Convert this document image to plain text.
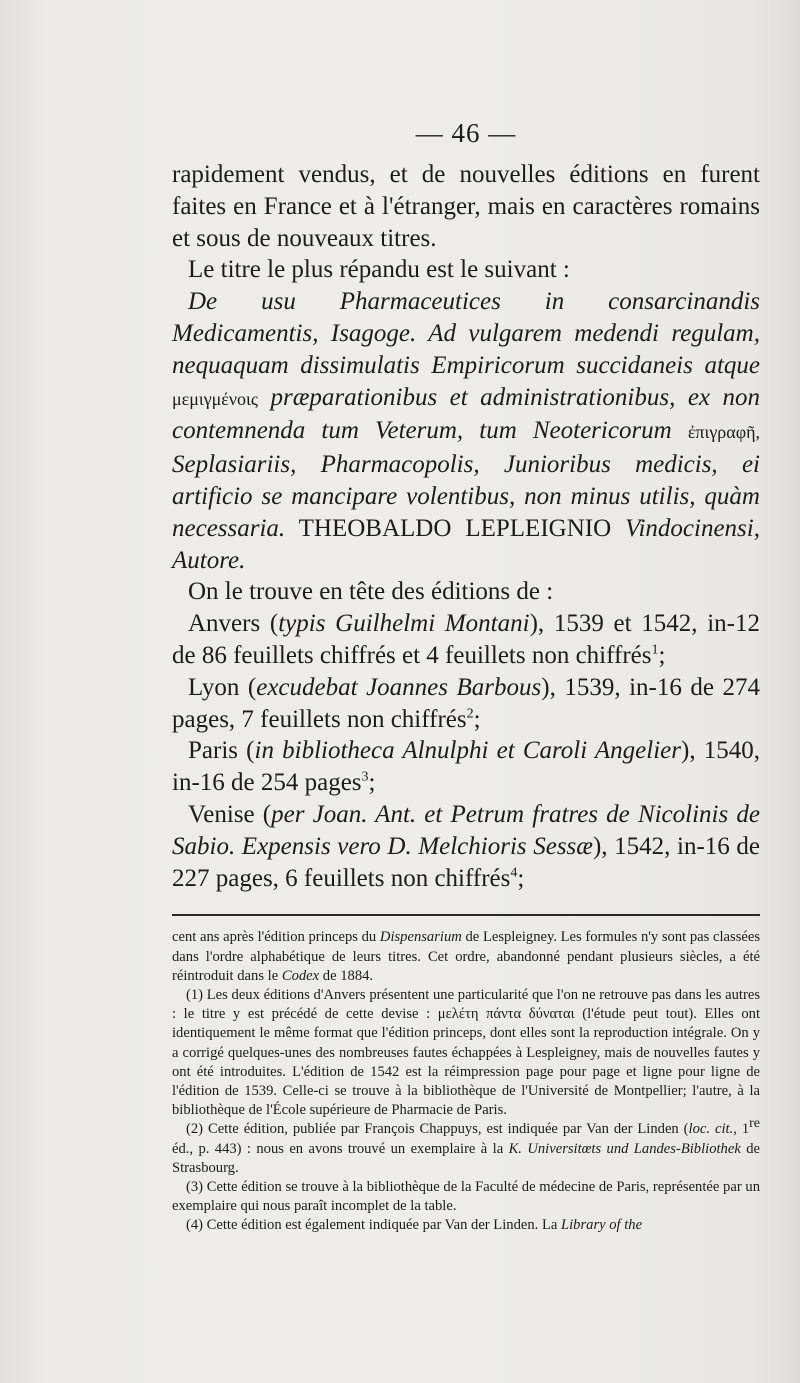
— 46 —

rapidement vendus, et de nouvelles éditions en furent faites en France et à l'étranger, mais en caractères romains et sous de nouveaux titres.

Le titre le plus répandu est le suivant :

De usu Pharmaceutices in consarcinandis Medicamentis, Isagoge. Ad vulgarem medendi regulam, nequaquam dissimulatis Empiricorum succidaneis atque μεμιγμένοις præparationibus et administrationibus, ex non contemnenda tum Veterum, tum Neotericorum ἐπιγραφῆ, Seplasiariis, Pharmacopolis, Junioribus medicis, ei artificio se mancipare volentibus, non minus utilis, quàm necessaria. THEOBALDO LEPLEIGNIO Vindocinensi, Autore.

On le trouve en tête des éditions de :

Anvers (typis Guilhelmi Montani), 1539 et 1542, in-12 de 86 feuillets chiffrés et 4 feuillets non chiffrés$^1$;

Lyon (excudebat Joannes Barbous), 1539, in-16 de 274 pages, 7 feuillets non chiffrés$^2$;

Paris (in bibliotheca Alnulphi et Caroli Angelier), 1540, in-16 de 254 pages$^3$;

Venise (per Joan. Ant. et Petrum fratres de Nicolinis de Sabio. Expensis vero D. Melchioris Sessæ), 1542, in-16 de 227 pages, 6 feuillets non chiffrés$^4$;

cent ans après l'édition princeps du Dispensarium de Lespleigney. Les formules n'y sont pas classées dans l'ordre alphabétique de leurs titres. Cet ordre, abandonné pendant plusieurs siècles, a été réintroduit dans le Codex de 1884.

(1) Les deux éditions d'Anvers présentent une particularité que l'on ne retrouve pas dans les autres : le titre y est précédé de cette devise : μελέτη πάντα δύναται (l'étude peut tout). Elles ont identiquement le même format que l'édition princeps, dont elles sont la reproduction intégrale. On y a corrigé quelques-unes des nombreuses fautes échappées à Lespleigney, mais de nouvelles fautes y ont été introduites. L'édition de 1542 est la réimpression page pour page et ligne pour ligne de l'édition de 1539. Celle-ci se trouve à la bibliothèque de l'Université de Montpellier; l'autre, à la bibliothèque de l'École supérieure de Pharmacie de Paris.

(2) Cette édition, publiée par François Chappuys, est indiquée par Van der Linden (loc. cit., 1re éd., p. 443) : nous en avons trouvé un exemplaire à la K. Universitœts und Landes-Bibliothek de Strasbourg.

(3) Cette édition se trouve à la bibliothèque de la Faculté de médecine de Paris, représentée par un exemplaire qui nous paraît incomplet de la table.

(4) Cette édition est également indiquée par Van der Linden. La Library of the
